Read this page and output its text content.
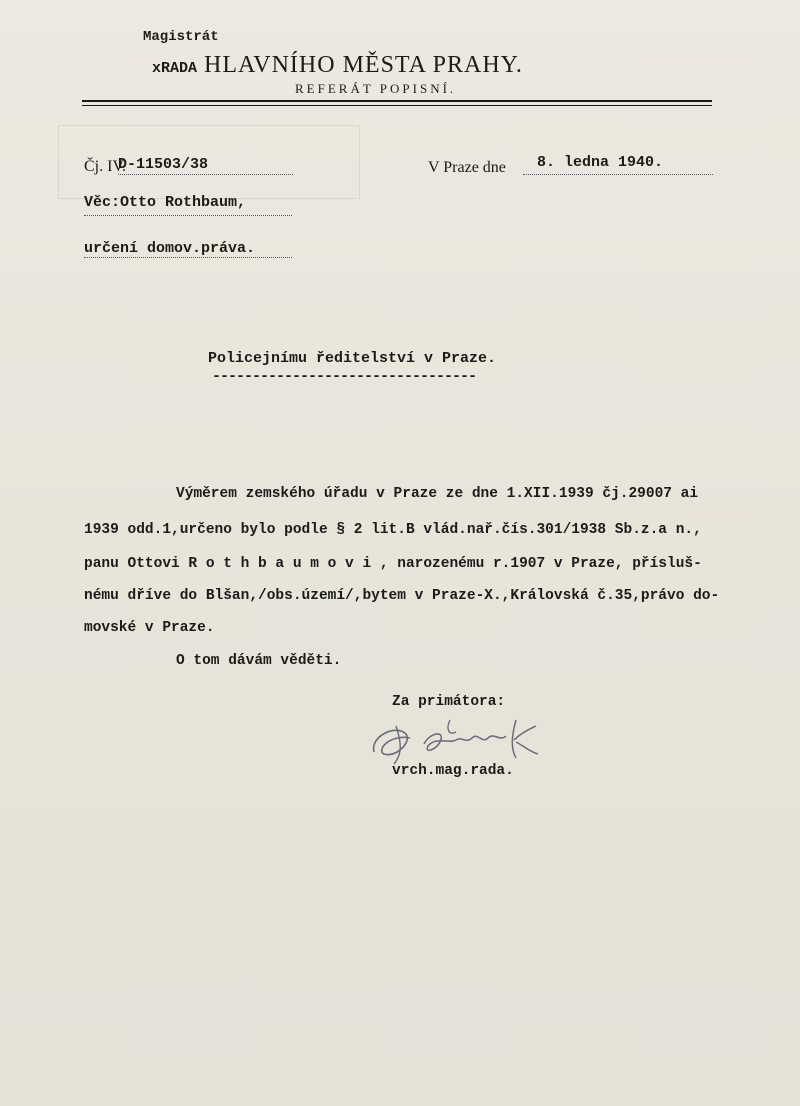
Magistrát
xRADA HLAVNÍHO MĚSTA PRAHY.
REFERÁT POPISNÍ.
Čj. IV.
D-11503/38	V Praze dne 8. ledna 1940.
Věc:Otto Rothbaum,
určení domov.práva.
Policejnímu ředitelství v Praze.
---------------------------------
Výměrem zemského úřadu v Praze ze dne 1.XII.1939 čj.29007 ai
1939 odd.1,určeno bylo podle § 2 lit.B vlád.nař.čís.301/1938 Sb.z.a n.,
panu Ottovi R o t h b a u m o v i , narozenému r.1907 v Praze, přísluš-
nému dříve do Blšan,/obs.území/,bytem v Praze-X.,Královská č.35,právo do-
movské v Praze.
O tom dávám věděti.
Za primátora:
vrch.mag.rada.
